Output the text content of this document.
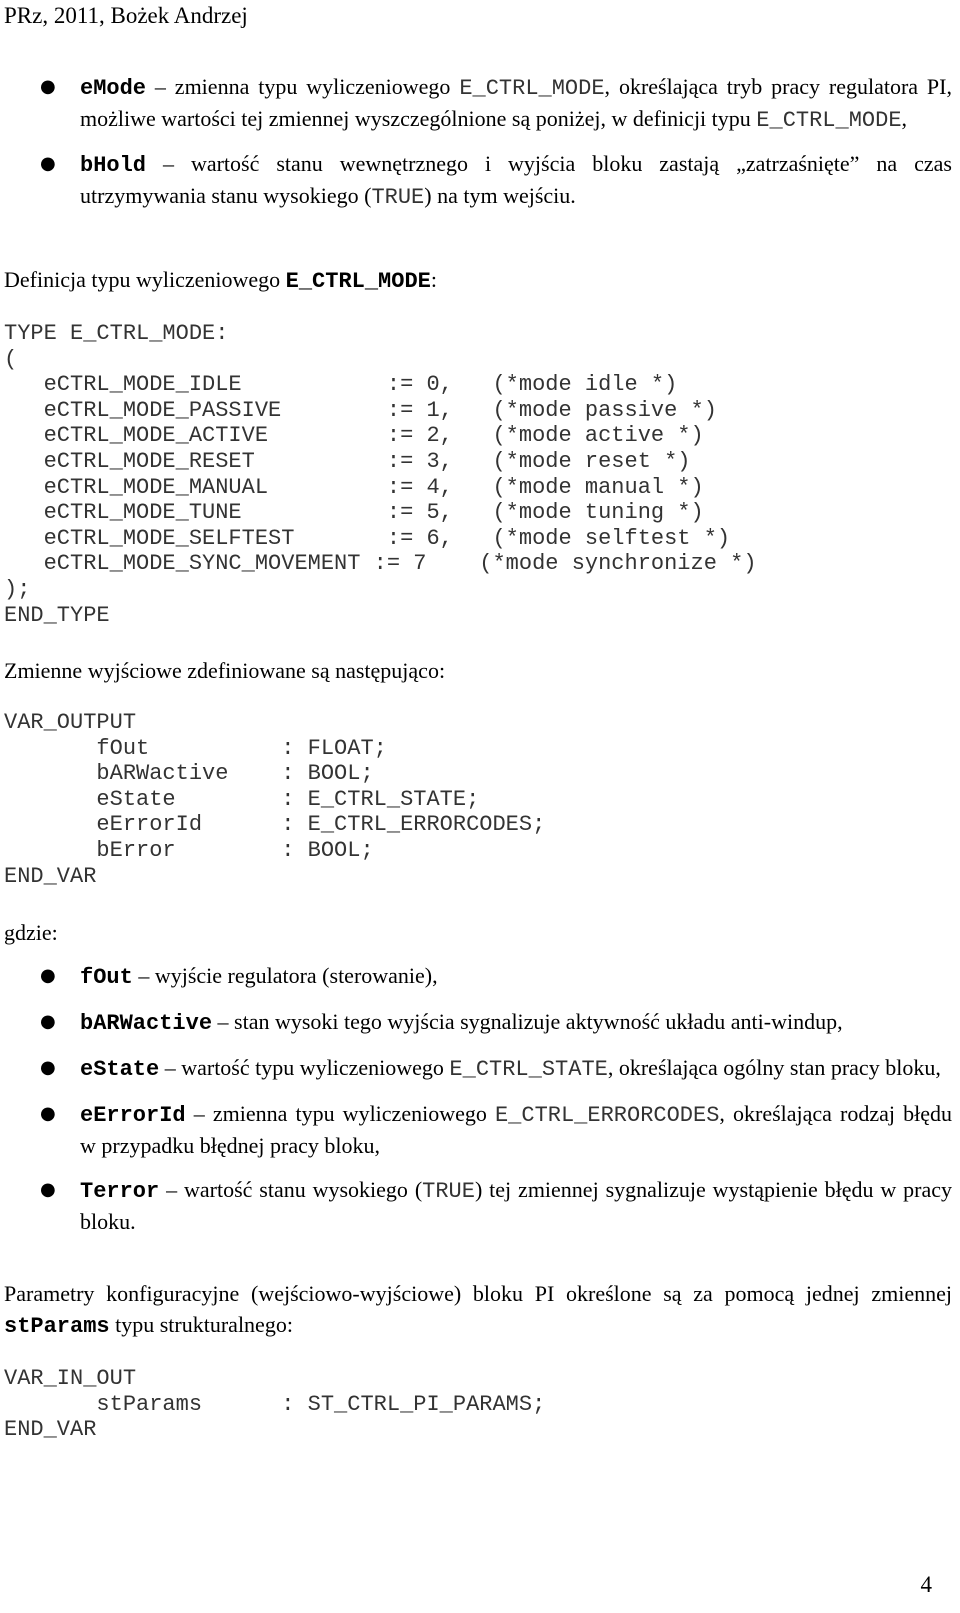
PRz, 2011, Bożek Andrzej
● eMode – zmienna typu wyliczeniowego E_CTRL_MODE, określająca tryb pracy regulatora PI, możliwe wartości tej zmiennej wyszczególnione są poniżej, w definicji typu E_CTRL_MODE,
● bHold – wartość stanu wewnętrznego i wyjścia bloku zastają „zatrzaśnięte” na czas utrzymywania stanu wysokiego (TRUE) na tym wejściu.
Definicja typu wyliczeniowego E_CTRL_MODE:
TYPE E_CTRL_MODE:
(
eCTRL_MODE_IDLE           := 0,   (*mode idle *)
eCTRL_MODE_PASSIVE        := 1,   (*mode passive *)
eCTRL_MODE_ACTIVE         := 2,   (*mode active *)
eCTRL_MODE_RESET          := 3,   (*mode reset *)
eCTRL_MODE_MANUAL         := 4,   (*mode manual *)
eCTRL_MODE_TUNE           := 5,   (*mode tuning *)
eCTRL_MODE_SELFTEST       := 6,   (*mode selftest *)
eCTRL_MODE_SYNC_MOVEMENT := 7    (*mode synchronize *)
);
END_TYPE
Zmienne wyjściowe zdefiniowane są następująco:
VAR_OUTPUT
fOut          : FLOAT;
bARWactive    : BOOL;
eState        : E_CTRL_STATE;
eErrorId      : E_CTRL_ERRORCODES;
bError        : BOOL;
END_VAR
gdzie:
● fOut – wyjście regulatora (sterowanie),
● bARWactive – stan wysoki tego wyjścia sygnalizuje aktywność układu anti-windup,
● eState – wartość typu wyliczeniowego E_CTRL_STATE, określająca ogólny stan pracy bloku,
● eErrorId – zmienna typu wyliczeniowego E_CTRL_ERRORCODES, określająca rodzaj błędu w przypadku błędnej pracy bloku,
● Terror – wartość stanu wysokiego (TRUE) tej zmiennej sygnalizuje wystąpienie błędu w pracy bloku.
Parametry konfiguracyjne (wejściowo-wyjściowe) bloku PI określone są za pomocą jednej zmiennej stParams typu strukturalnego:
VAR_IN_OUT
stParams      : ST_CTRL_PI_PARAMS;
END_VAR
4
